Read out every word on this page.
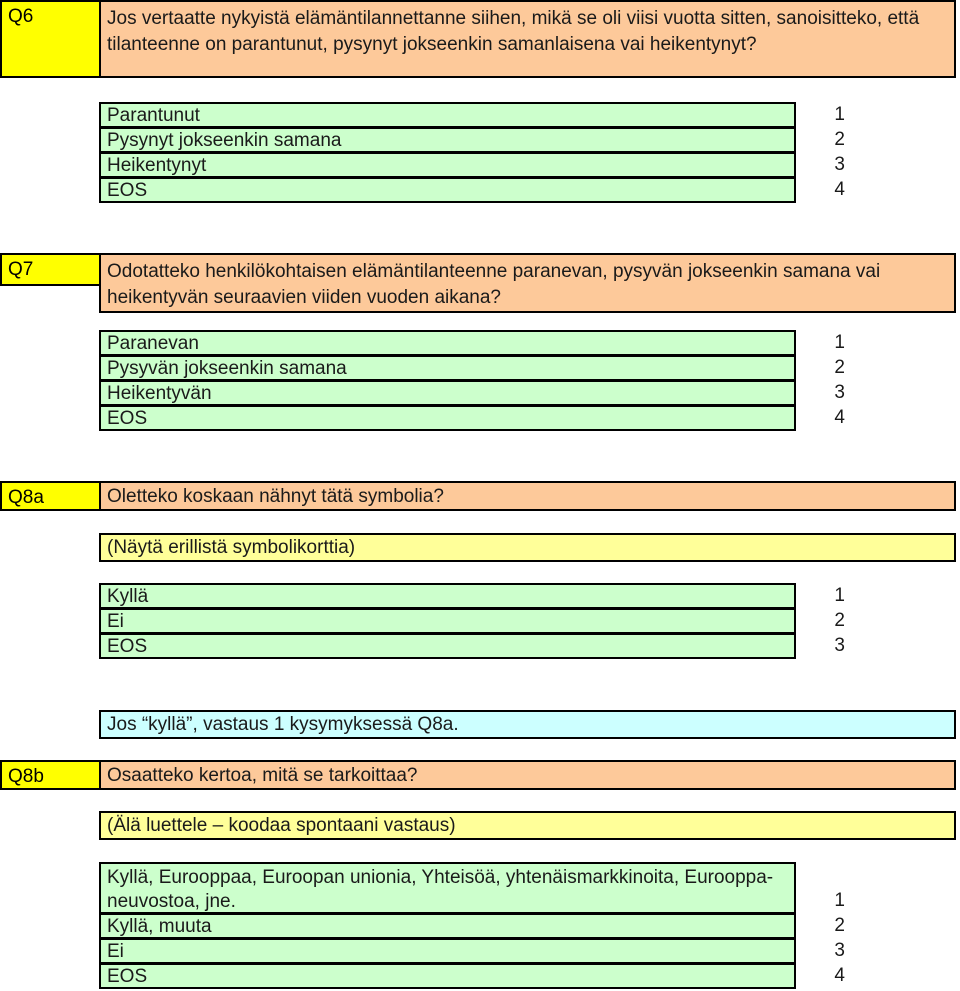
Q6	Jos vertaatte nykyistä elämäntilannettanne siihen, mikä se oli viisi vuotta sitten, sanoisitteko, että tilanteenne on parantunut, pysynyt jokseenkin samanlaisena vai heikentynyt?
Parantunut	1
Pysynyt jokseenkin samana	2
Heikentynyt	3
EOS	4
Q7	Odotatteko henkilökohtaisen elämäntilanteenne paranevan, pysyvän jokseenkin samana vai heikentyvän seuraavien viiden vuoden aikana?
Paranevan	1
Pysyvän jokseenkin samana	2
Heikentyvän	3
EOS	4
Q8a	Oletteko koskaan nähnyt tätä symbolia?
(Näytä erillistä symbolikorttia)
Kyllä	1
Ei	2
EOS	3
Jos “kyllä”, vastaus 1 kysymyksessä Q8a.
Q8b	Osaatteko kertoa, mitä se tarkoittaa?
(Älä luettele – koodaa spontaani vastaus)
Kyllä, Eurooppaa, Euroopan unionia, Yhteisöä, yhtenäismarkkinoita, Eurooppa-neuvostoa, jne.	1
Kyllä, muuta	2
Ei	3
EOS	4
